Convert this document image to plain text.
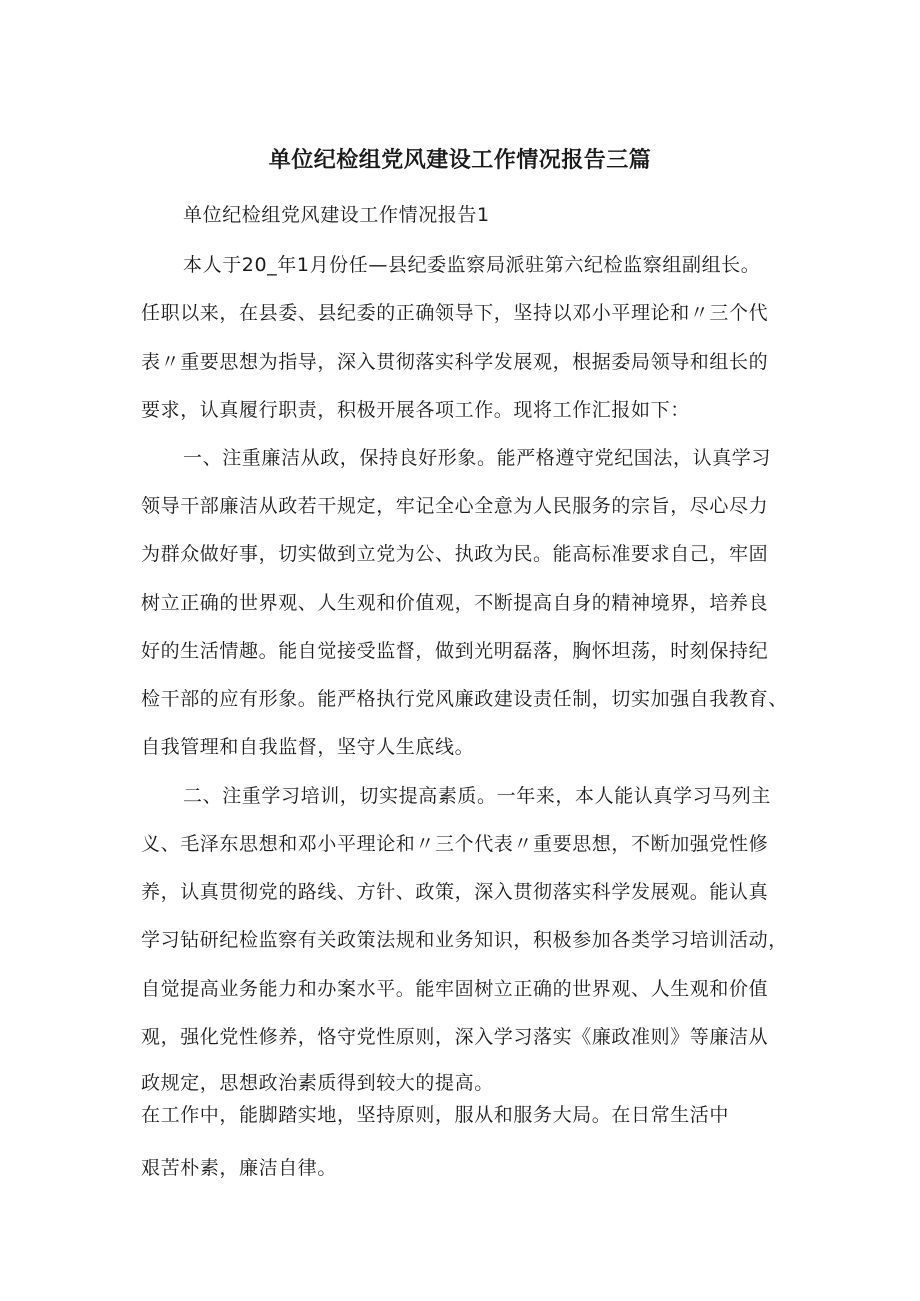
单位纪检组党风建设工作情况报告三篇
单位纪检组党风建设工作情况报告1
本人于20_年1月份任—县纪委监察局派驻第六纪检监察组副组长。
任职以来，在县委、县纪委的正确领导下，坚持以邓小平理论和〃三个代
表〃重要思想为指导，深入贯彻落实科学发展观，根据委局领导和组长的
要求，认真履行职责，积极开展各项工作。现将工作汇报如下：
一、注重廉洁从政，保持良好形象。能严格遵守党纪国法，认真学习
领导干部廉洁从政若干规定，牢记全心全意为人民服务的宗旨，尽心尽力
为群众做好事，切实做到立党为公、执政为民。能高标准要求自己，牢固
树立正确的世界观、人生观和价值观，不断提高自身的精神境界，培养良
好的生活情趣。能自觉接受监督，做到光明磊落，胸怀坦荡，时刻保持纪
检干部的应有形象。能严格执行党风廉政建设责任制，切实加强自我教育、
自我管理和自我监督，坚守人生底线。
二、注重学习培训，切实提高素质。一年来，本人能认真学习马列主
义、毛泽东思想和邓小平理论和〃三个代表〃重要思想，不断加强党性修
养，认真贯彻党的路线、方针、政策，深入贯彻落实科学发展观。能认真
学习钻研纪检监察有关政策法规和业务知识，积极参加各类学习培训活动，
自觉提高业务能力和办案水平。能牢固树立正确的世界观、人生观和价值
观，强化党性修养，恪守党性原则，深入学习落实《廉政准则》等廉洁从
政规定，思想政治素质得到较大的提高。
在工作中，能脚踏实地，坚持原则，服从和服务大局。在日常生活中
艰苦朴素，廉洁自律。
